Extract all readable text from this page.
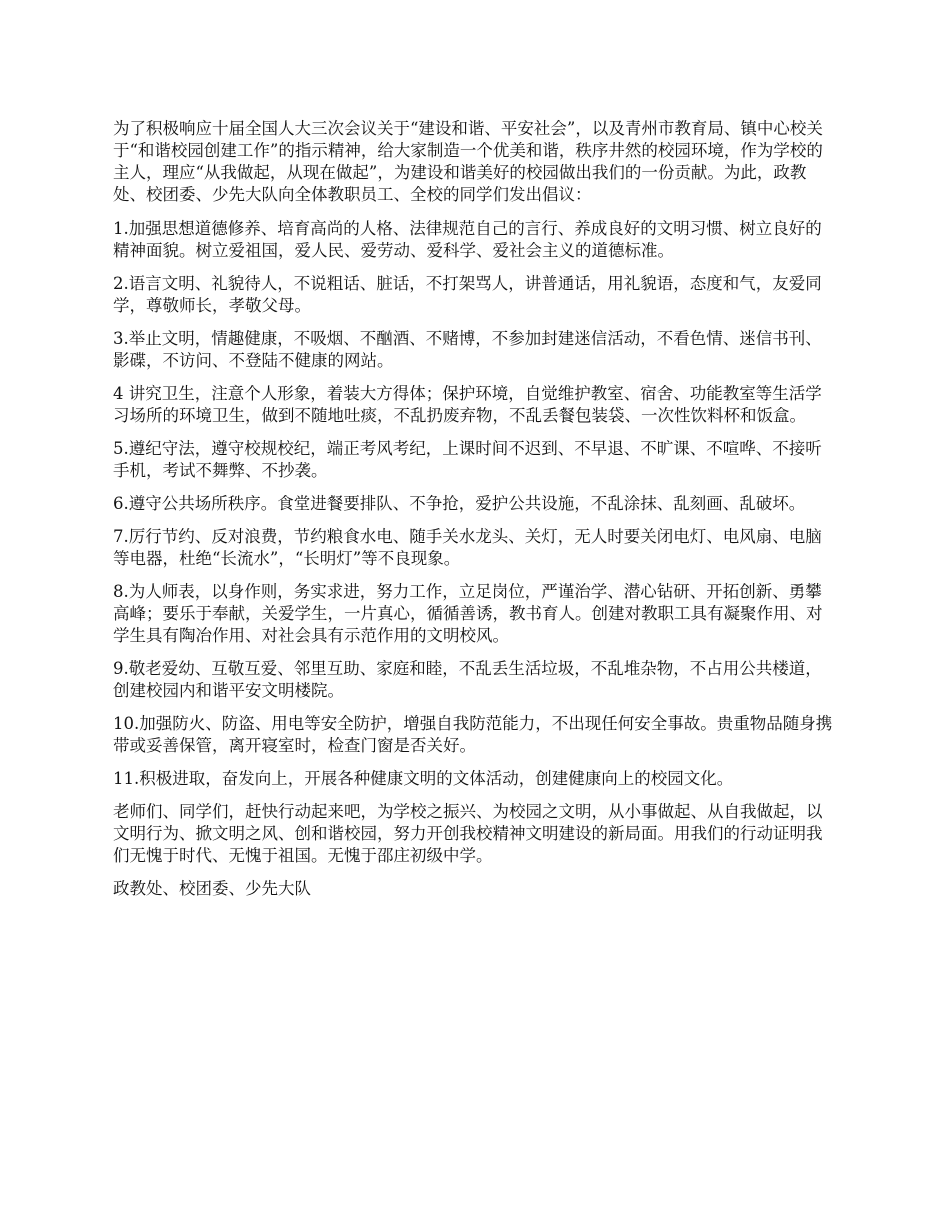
为了积极响应十届全国人大三次会议关于“建设和谐、平安社会”，以及青州市教育局、镇中心校关于“和谐校园创建工作”的指示精神，给大家制造一个优美和谐，秩序井然的校园环境，作为学校的主人，理应“从我做起，从现在做起”，为建设和谐美好的校园做出我们的一份贡献。为此，政教处、校团委、少先大队向全体教职员工、全校的同学们发出倡议：

1.加强思想道德修养、培育高尚的人格、法律规范自己的言行、养成良好的文明习惯、树立良好的精神面貌。树立爱祖国，爱人民、爱劳动、爱科学、爱社会主义的道德标准。

2.语言文明、礼貌待人，不说粗话、脏话，不打架骂人，讲普通话，用礼貌语，态度和气，友爱同学，尊敬师长，孝敬父母。

3.举止文明，情趣健康，不吸烟、不酗酒、不赌博，不参加封建迷信活动，不看色情、迷信书刊、影碟，不访问、不登陆不健康的网站。

4 讲究卫生，注意个人形象，着装大方得体；保护环境，自觉维护教室、宿舍、功能教室等生活学习场所的环境卫生，做到不随地吐痰，不乱扔废弃物，不乱丢餐包装袋、一次性饮料杯和饭盒。

5.遵纪守法，遵守校规校纪，端正考风考纪，上课时间不迟到、不早退、不旷课、不喧哗、不接听手机，考试不舞弊、不抄袭。

6.遵守公共场所秩序。食堂进餐要排队、不争抢，爱护公共设施，不乱涂抹、乱刻画、乱破坏。

7.厉行节约、反对浪费，节约粮食水电、随手关水龙头、关灯，无人时要关闭电灯、电风扇、电脑等电器，杜绝“长流水”，“长明灯”等不良现象。

8.为人师表，以身作则，务实求进，努力工作，立足岗位，严谨治学、潜心钻研、开拓创新、勇攀高峰；要乐于奉献，关爱学生，一片真心，循循善诱，教书育人。创建对教职工具有凝聚作用、对学生具有陶冶作用、对社会具有示范作用的文明校风。

9.敬老爱幼、互敬互爱、邻里互助、家庭和睦，不乱丢生活垃圾，不乱堆杂物，不占用公共楼道，创建校园内和谐平安文明楼院。

10.加强防火、防盗、用电等安全防护，增强自我防范能力，不出现任何安全事故。贵重物品随身携带或妥善保管，离开寝室时，检查门窗是否关好。

11.积极进取，奋发向上，开展各种健康文明的文体活动，创建健康向上的校园文化。

老师们、同学们，赶快行动起来吧，为学校之振兴、为校园之文明，从小事做起、从自我做起，以文明行为、掀文明之风、创和谐校园，努力开创我校精神文明建设的新局面。用我们的行动证明我们无愧于时代、无愧于祖国。无愧于邵庄初级中学。

政教处、校团委、少先大队
